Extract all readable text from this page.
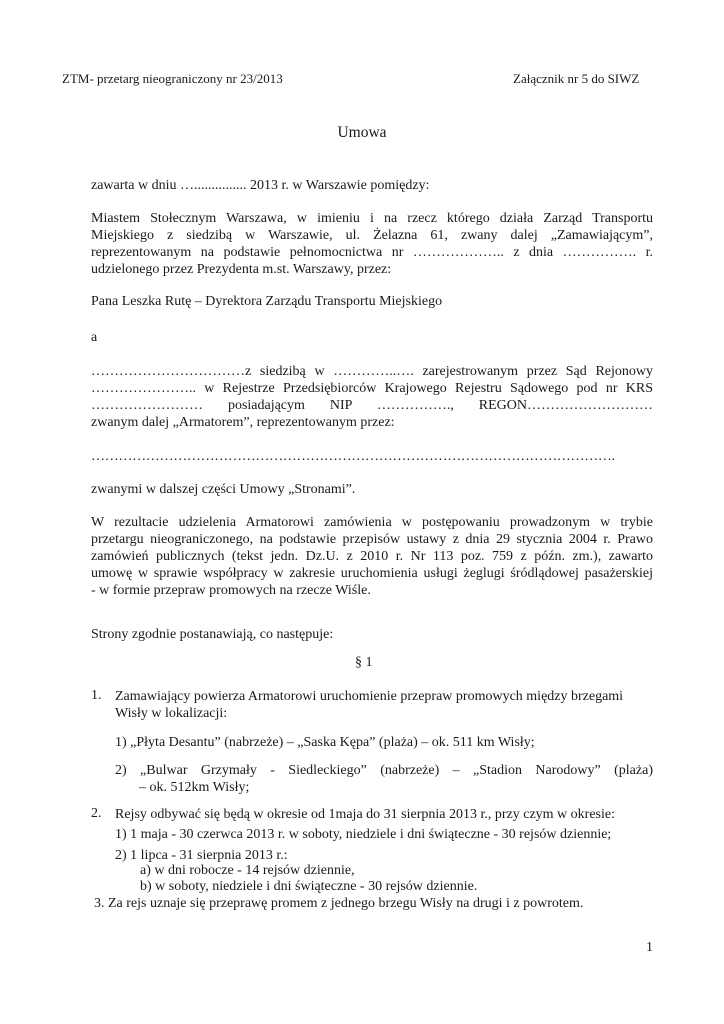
ZTM- przetarg nieograniczony nr 23/2013	Załącznik nr 5 do SIWZ
Umowa
zawarta w dniu …............... 2013 r. w Warszawie pomiędzy:
Miastem Stołecznym Warszawa, w imieniu i na rzecz którego działa Zarząd Transportu
Miejskiego z siedzibą w Warszawie, ul. Żelazna 61, zwany dalej „Zamawiającym”,
reprezentowanym na podstawie pełnomocnictwa nr ……………….. z dnia ……………. r.
udzielonego przez Prezydenta m.st. Warszawy, przez:
Pana Leszka Rutę – Dyrektora Zarządu Transportu Miejskiego
a
……………………………z siedzibą w …………..…. zarejestrowanym przez Sąd Rejonowy
………………….. w Rejestrze Przedsiębiorców Krajowego Rejestru Sądowego pod nr KRS
…………………… posiadającym NIP ……………., REGON………………………
zwanym dalej „Armatorem”, reprezentowanym przez:
…………………………………………………………………………………………………….
zwanymi w dalszej części Umowy „Stronami”.
W rezultacie udzielenia Armatorowi zamówienia w postępowaniu prowadzonym w trybie
przetargu nieograniczonego, na podstawie przepisów ustawy z dnia 29 stycznia 2004 r. Prawo
zamówień publicznych (tekst jedn. Dz.U. z 2010 r. Nr 113 poz. 759 z późn. zm.), zawarto
umowę w sprawie współpracy w zakresie uruchomienia usługi żeglugi śródlądowej pasażerskiej
- w formie przepraw promowych na rzecze Wiśle.
Strony zgodnie postanawiają, co następuje:
§ 1
1. Zamawiający powierza Armatorowi uruchomienie przepraw promowych między brzegami
Wisły w lokalizacji:
1) „Płyta Desantu” (nabrzeże) – „Saska Kępa” (plaża) – ok. 511 km Wisły;
2) „Bulwar Grzymały - Siedleckiego” (nabrzeże) – „Stadion Narodowy” (plaża)
– ok. 512km Wisły;
2. Rejsy odbywać się będą w okresie od 1maja do 31 sierpnia 2013 r., przy czym w okresie:
1) 1 maja - 30 czerwca 2013 r. w soboty, niedziele i dni świąteczne - 30 rejsów dziennie;
2) 1 lipca - 31 sierpnia 2013 r.:
a) w dni robocze - 14 rejsów dziennie,
b) w soboty, niedziele i dni świąteczne - 30 rejsów dziennie.
3. Za rejs uznaje się przeprawę promem z jednego brzegu Wisły na drugi i z powrotem.
1
